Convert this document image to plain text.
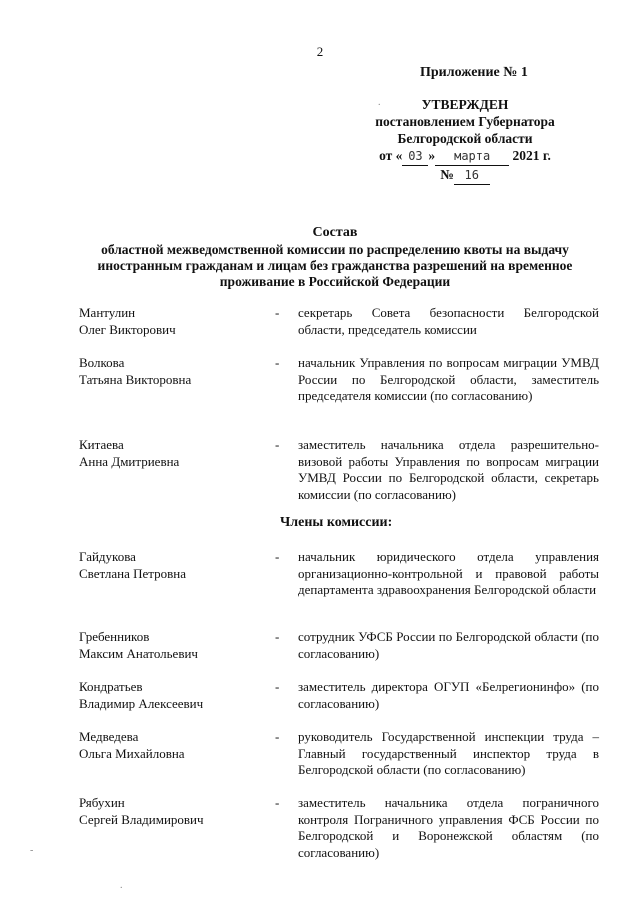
2
Приложение № 1
УТВЕРЖДЕН
постановлением Губернатора
Белгородской области
от « 03 » марта 2021 г.
№ 16
Состав
областной межведомственной комиссии по распределению квоты на выдачу
иностранным гражданам и лицам без гражданства разрешений на временное
проживание в Российской Федерации
Мантулин
Олег Викторович
-	секретарь Совета безопасности Белгородской области, председатель комиссии
Волкова
Татьяна Викторовна
-	начальник Управления по вопросам миграции УМВД России по Белгородской области, заместитель председателя комиссии (по согласованию)
Китаева
Анна Дмитриевна
-	заместитель начальника отдела разрешительно-визовой работы Управления по вопросам миграции УМВД России по Белгородской области, секретарь комиссии (по согласованию)
Члены комиссии:
Гайдукова
Светлана Петровна
-	начальник юридического отдела управления организационно-контрольной и правовой работы департамента здравоохранения Белгородской области
Гребенников
Максим Анатольевич
-	сотрудник УФСБ России по Белгородской области (по согласованию)
Кондратьев
Владимир Алексеевич
-	заместитель директора ОГУП «Белрегионинфо» (по согласованию)
Медведева
Ольга Михайловна
-	руководитель Государственной инспекции труда – Главный государственный инспектор труда в Белгородской области (по согласованию)
Рябухин
Сергей Владимирович
-	заместитель начальника отдела пограничного контроля Пограничного управления ФСБ России по Белгородской и Воронежской областям (по согласованию)
.
-
.
